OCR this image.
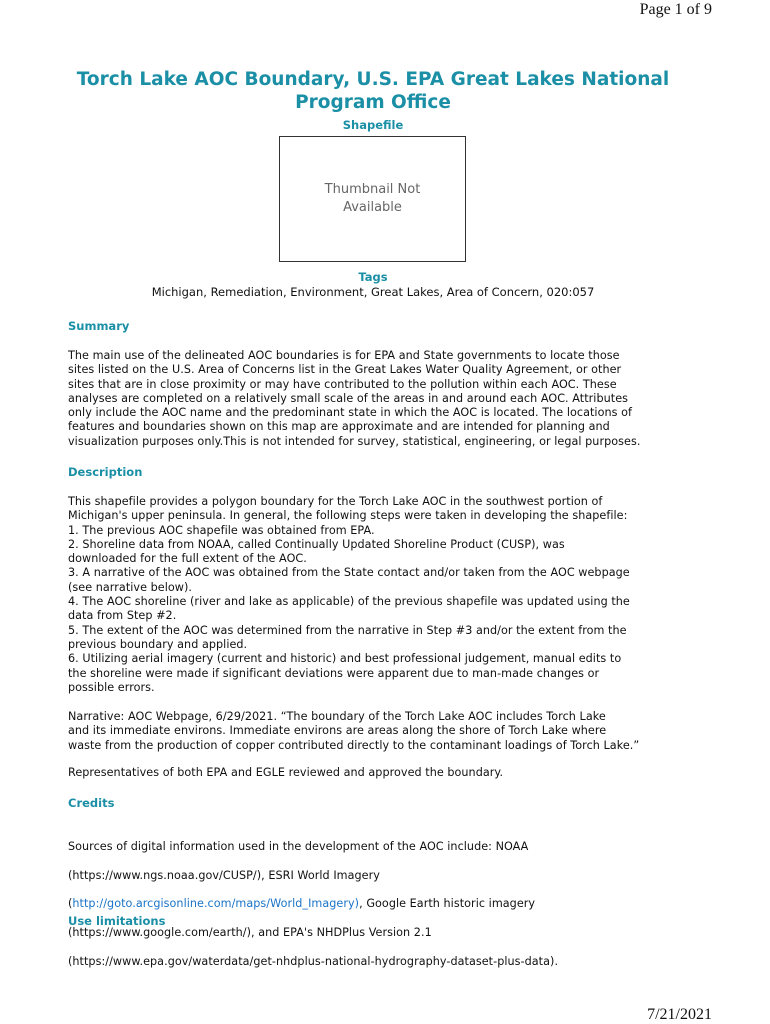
Page 1 of 9
Torch Lake AOC Boundary, U.S. EPA Great Lakes National Program Office
Shapefile
Thumbnail Not Available
Tags
Michigan, Remediation, Environment, Great Lakes, Area of Concern, 020:057
Summary

The main use of the delineated AOC boundaries is for EPA and State governments to locate those
sites listed on the U.S. Area of Concerns list in the Great Lakes Water Quality Agreement, or other
sites that are in close proximity or may have contributed to the pollution within each AOC. These
analyses are completed on a relatively small scale of the areas in and around each AOC. Attributes
only include the AOC name and the predominant state in which the AOC is located. The locations of
features and boundaries shown on this map are approximate and are intended for planning and
visualization purposes only.This is not intended for survey, statistical, engineering, or legal purposes.

Description

This shapefile provides a polygon boundary for the Torch Lake AOC in the southwest portion of
Michigan's upper peninsula. In general, the following steps were taken in developing the shapefile:
1. The previous AOC shapefile was obtained from EPA.
2. Shoreline data from NOAA, called Continually Updated Shoreline Product (CUSP), was
downloaded for the full extent of the AOC.
3. A narrative of the AOC was obtained from the State contact and/or taken from the AOC webpage
(see narrative below).
4. The AOC shoreline (river and lake as applicable) of the previous shapefile was updated using the
data from Step #2.
5. The extent of the AOC was determined from the narrative in Step #3 and/or the extent from the
previous boundary and applied.
6. Utilizing aerial imagery (current and historic) and best professional judgement, manual edits to
the shoreline were made if significant deviations were apparent due to man-made changes or
possible errors.

Narrative: AOC Webpage, 6/29/2021. “The boundary of the Torch Lake AOC includes Torch Lake
and its immediate environs. Immediate environs are areas along the shore of Torch Lake where
waste from the production of copper contributed directly to the contaminant loadings of Torch Lake.”

Representatives of both EPA and EGLE reviewed and approved the boundary.

Credits

Sources of digital information used in the development of the AOC include: NOAA

(https://www.ngs.noaa.gov/CUSP/), ESRI World Imagery

(http://goto.arcgisonline.com/maps/World_Imagery), Google Earth historic imagery

(https://www.google.com/earth/), and EPA's NHDPlus Version 2.1

(https://www.epa.gov/waterdata/get-nhdplus-national-hydrography-dataset-plus-data).

Use limitations
7/21/2021
